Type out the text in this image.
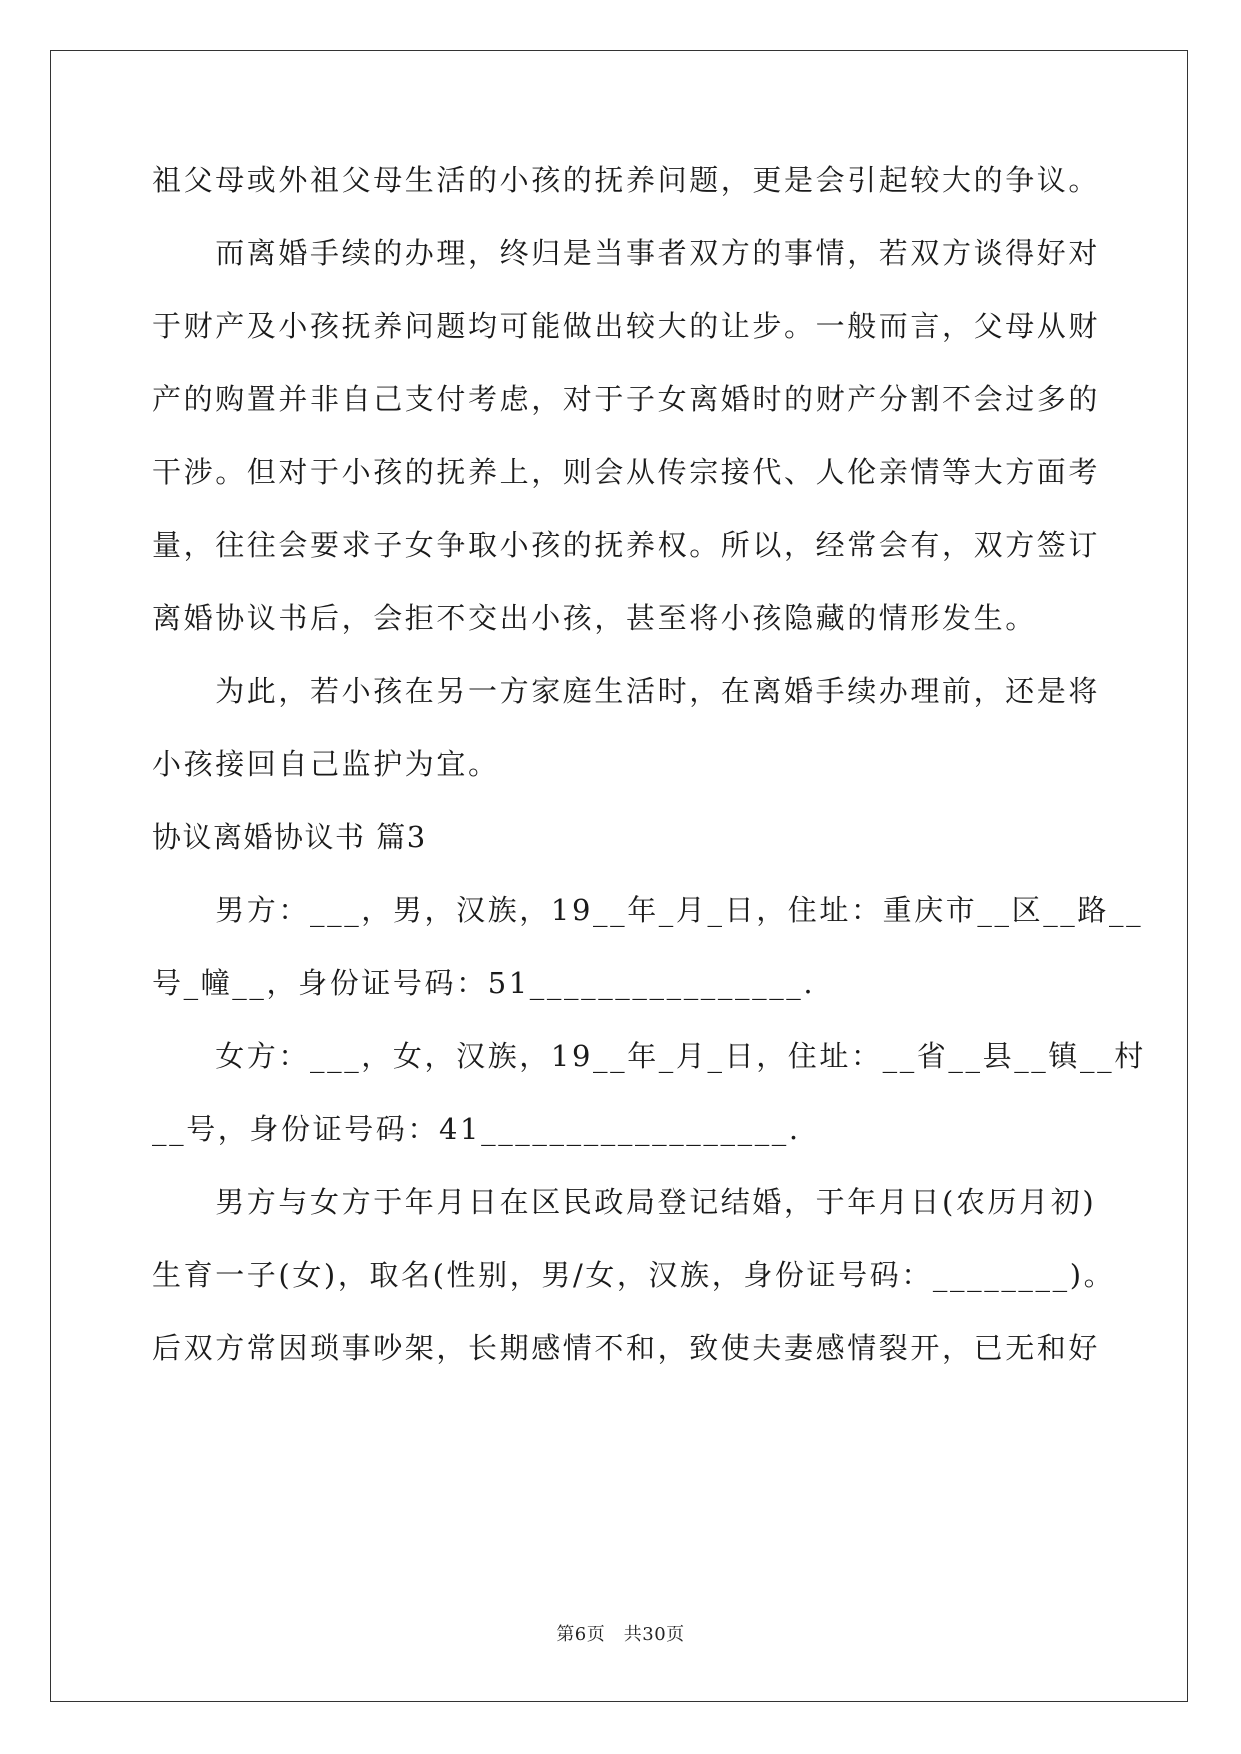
祖父母或外祖父母生活的小孩的抚养问题，更是会引起较大的争议。
　　而离婚手续的办理，终归是当事者双方的事情，若双方谈得好对
于财产及小孩抚养问题均可能做出较大的让步。一般而言，父母从财
产的购置并非自己支付考虑，对于子女离婚时的财产分割不会过多的
干涉。但对于小孩的抚养上，则会从传宗接代、人伦亲情等大方面考
量，往往会要求子女争取小孩的抚养权。所以，经常会有，双方签订
离婚协议书后，会拒不交出小孩，甚至将小孩隐藏的情形发生。
　　为此，若小孩在另一方家庭生活时，在离婚手续办理前，还是将
小孩接回自己监护为宜。
协议离婚协议书 篇3
　　男方：___，男，汉族，19__年_月_日，住址：重庆市__区__路__
号_幢__，身份证号码：51________________.
　　女方：___，女，汉族，19__年_月_日，住址：__省__县__镇__村
__号，身份证号码：41__________________.
　　男方与女方于年月日在区民政局登记结婚，于年月日(农历月初)
生育一子(女)，取名(性别，男/女，汉族，身份证号码：________)。
后双方常因琐事吵架，长期感情不和，致使夫妻感情裂开，已无和好
第6页　共30页
